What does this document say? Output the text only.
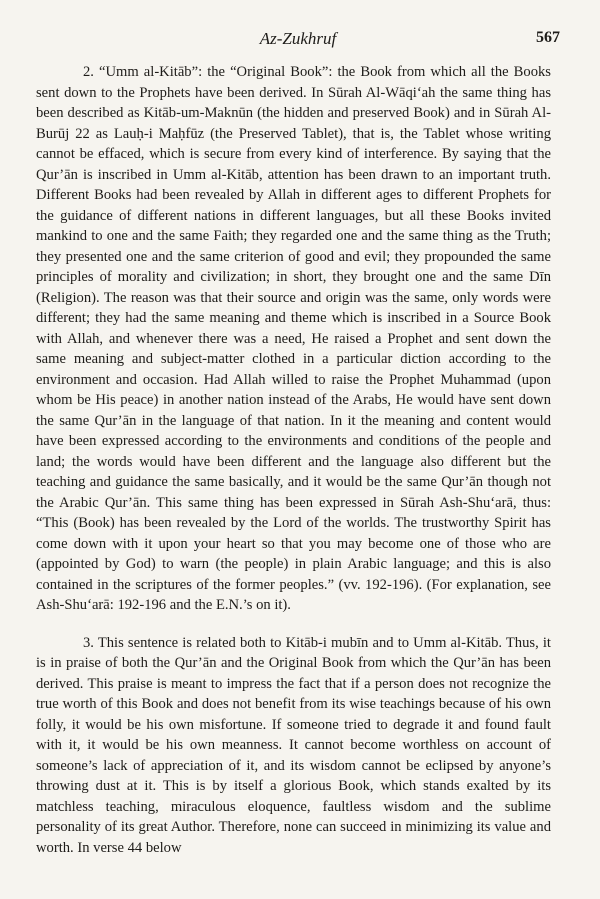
Az-Zukhruf	567

2. “Umm al-Kitāb”: the “Original Book”: the Book from which all the Books sent down to the Prophets have been derived. In Sūrah Al-Wāqi‘ah the same thing has been described as Kitāb-um-Maknūn (the hidden and preserved Book) and in Sūrah Al-Burūj 22 as Lauḥ-i Maḥfūz (the Preserved Tablet), that is, the Tablet whose writing cannot be effaced, which is secure from every kind of interference. By saying that the Qur’ān is inscribed in Umm al-Kitāb, attention has been drawn to an important truth. Different Books had been revealed by Allah in different ages to different Prophets for the guidance of different nations in different languages, but all these Books invited mankind to one and the same Faith; they regarded one and the same thing as the Truth; they presented one and the same criterion of good and evil; they propounded the same principles of morality and civilization; in short, they brought one and the same Dīn (Religion). The reason was that their source and origin was the same, only words were different; they had the same meaning and theme which is inscribed in a Source Book with Allah, and whenever there was a need, He raised a Prophet and sent down the same meaning and subject-matter clothed in a particular diction according to the environment and occasion. Had Allah willed to raise the Prophet Muhammad (upon whom be His peace) in another nation instead of the Arabs, He would have sent down the same Qur’ān in the language of that nation. In it the meaning and content would have been expressed according to the environments and conditions of the people and land; the words would have been different and the language also different but the teaching and guidance the same basically, and it would be the same Qur’ān though not the Arabic Qur’ān. This same thing has been expressed in Sūrah Ash-Shu‘arā, thus: “This (Book) has been revealed by the Lord of the worlds. The trustworthy Spirit has come down with it upon your heart so that you may become one of those who are (appointed by God) to warn (the people) in plain Arabic language; and this is also contained in the scriptures of the former peoples.” (vv. 192-196). (For explanation, see Ash-Shu‘arā: 192-196 and the E.N.’s on it).

3. This sentence is related both to Kitāb-i mubīn and to Umm al-Kitāb. Thus, it is in praise of both the Qur’ān and the Original Book from which the Qur’ān has been derived. This praise is meant to impress the fact that if a person does not recognize the true worth of this Book and does not benefit from its wise teachings because of his own folly, it would be his own misfortune. If someone tried to degrade it and found fault with it, it would be his own meanness. It cannot become worthless on account of someone’s lack of appreciation of it, and its wisdom cannot be eclipsed by anyone’s throwing dust at it. This is by itself a glorious Book, which stands exalted by its matchless teaching, miraculous eloquence, faultless wisdom and the sublime personality of its great Author. Therefore, none can succeed in minimizing its value and worth. In verse 44 below
